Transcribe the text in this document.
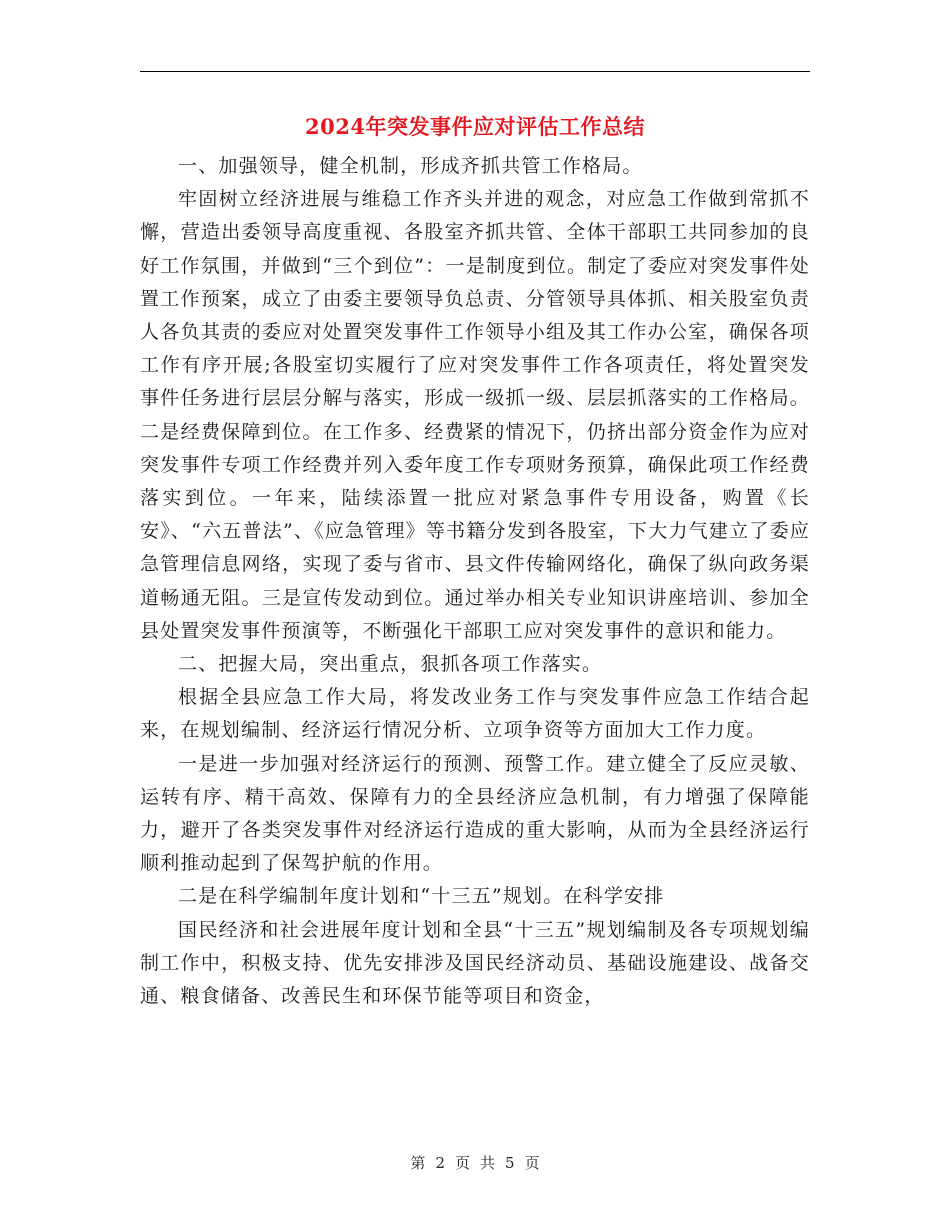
2024年突发事件应对评估工作总结

一、加强领导，健全机制，形成齐抓共管工作格局。

牢固树立经济进展与维稳工作齐头并进的观念，对应急工作做到常抓不懈，营造出委领导高度重视、各股室齐抓共管、全体干部职工共同参加的良好工作氛围，并做到“三个到位”：一是制度到位。制定了委应对突发事件处置工作预案，成立了由委主要领导负总责、分管领导具体抓、相关股室负责人各负其责的委应对处置突发事件工作领导小组及其工作办公室，确保各项工作有序开展;各股室切实履行了应对突发事件工作各项责任，将处置突发事件任务进行层层分解与落实，形成一级抓一级、层层抓落实的工作格局。二是经费保障到位。在工作多、经费紧的情况下，仍挤出部分资金作为应对突发事件专项工作经费并列入委年度工作专项财务预算，确保此项工作经费落实到位。一年来，陆续添置一批应对紧急事件专用设备，购置《长安》、“六五普法”、《应急管理》等书籍分发到各股室，下大力气建立了委应急管理信息网络，实现了委与省市、县文件传输网络化，确保了纵向政务渠道畅通无阻。三是宣传发动到位。通过举办相关专业知识讲座培训、参加全县处置突发事件预演等，不断强化干部职工应对突发事件的意识和能力。

二、把握大局，突出重点，狠抓各项工作落实。

根据全县应急工作大局，将发改业务工作与突发事件应急工作结合起来，在规划编制、经济运行情况分析、立项争资等方面加大工作力度。

一是进一步加强对经济运行的预测、预警工作。建立健全了反应灵敏、运转有序、精干高效、保障有力的全县经济应急机制，有力增强了保障能力，避开了各类突发事件对经济运行造成的重大影响，从而为全县经济运行顺利推动起到了保驾护航的作用。

二是在科学编制年度计划和“十三五”规划。在科学安排

国民经济和社会进展年度计划和全县“十三五”规划编制及各专项规划编制工作中，积极支持、优先安排涉及国民经济动员、基础设施建设、战备交通、粮食储备、改善民生和环保节能等项目和资金，

第 2 页 共 5 页
